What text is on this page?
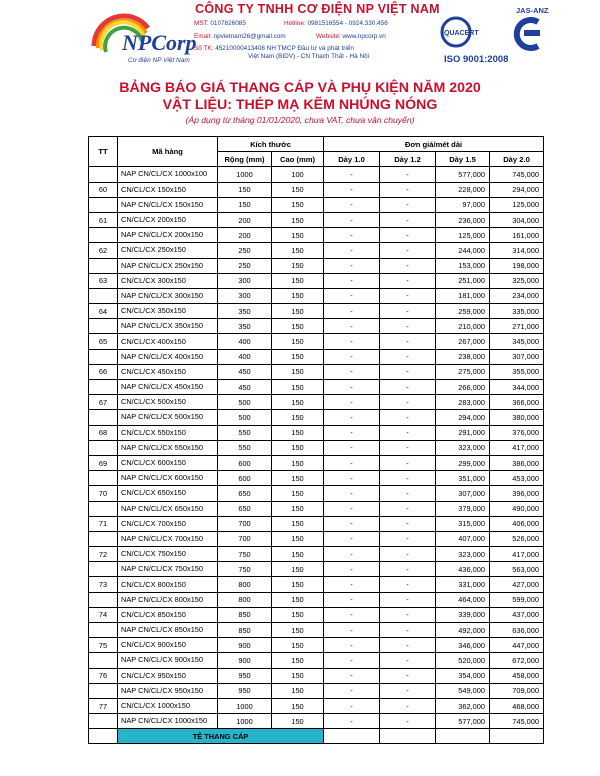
NPCorp
Cơ điện NP Việt Nam
CÔNG TY TNHH CƠ ĐIỆN NP VIỆT NAM
MST: 0107826085	Hotline: 0981516554 - 0924.330.456
Email: npvietnam26@gmail.com	Website: www.npcorp.vn
Số TK: 45210000413408 NH TMCP Đầu tư và phát triển
Việt Nam (BIDV) - CN Thạch Thất - Hà Nội
JAS-ANZ
QUACERT
ISO 9001:2008
BẢNG BÁO GIÁ THANG CÁP VÀ PHỤ KIỆN NĂM 2020
VẬT LIỆU: THÉP MẠ KẼM NHÚNG NÓNG
(Áp dụng từ tháng 01/01/2020, chưa VAT, chưa vận chuyển)
TT	Mã hàng	Kích thước		Đơn giá/mét dài			
		Rộng (mm)	Cao (mm)	Dày 1.0	Dày 1.2	Dày 1.5	Dày 2.0
	NAP CN/CL/CX 1000x100	1000	100	-	-	577,000	745,000
60	CN/CL/CX 150x150	150	150	-	-	228,000	294,000
	NAP CN/CL/CX 150x150	150	150	-	-	97,000	125,000
61	CN/CL/CX 200x150	200	150	-	-	236,000	304,000
	NAP CN/CL/CX 200x150	200	150	-	-	125,000	161,000
62	CN/CL/CX 250x150	250	150	-	-	244,000	314,000
	NAP CN/CL/CX 250x150	250	150	-	-	153,000	198,000
63	CN/CL/CX 300x150	300	150	-	-	251,000	325,000
	NAP CN/CL/CX 300x150	300	150	-	-	181,000	234,000
64	CN/CL/CX 350x150	350	150	-	-	259,000	335,000
	NAP CN/CL/CX 350x150	350	150	-	-	210,000	271,000
65	CN/CL/CX 400x150	400	150	-	-	267,000	345,000
	NAP CN/CL/CX 400x150	400	150	-	-	238,000	307,000
66	CN/CL/CX 450x150	450	150	-	-	275,000	355,000
	NAP CN/CL/CX 450x150	450	150	-	-	266,000	344,000
67	CN/CL/CX 500x150	500	150	-	-	283,000	366,000
	NAP CN/CL/CX 500x150	500	150	-	-	294,000	380,000
68	CN/CL/CX 550x150	550	150	-	-	291,000	376,000
	NAP CN/CL/CX 550x150	550	150	-	-	323,000	417,000
69	CN/CL/CX 600x150	600	150	-	-	299,000	386,000
	NAP CN/CL/CX 600x150	600	150	-	-	351,000	453,000
70	CN/CL/CX 650x150	650	150	-	-	307,000	396,000
	NAP CN/CL/CX 650x150	650	150	-	-	379,000	490,000
71	CN/CL/CX 700x150	700	150	-	-	315,000	406,000
	NAP CN/CL/CX 700x150	700	150	-	-	407,000	526,000
72	CN/CL/CX 750x150	750	150	-	-	323,000	417,000
	NAP CN/CL/CX 750x150	750	150	-	-	436,000	563,000
73	CN/CL/CX 800x150	800	150	-	-	331,000	427,000
	NAP CN/CL/CX 800x150	800	150	-	-	464,000	599,000
74	CN/CL/CX 850x150	850	150	-	-	339,000	437,000
	NAP CN/CL/CX 850x150	850	150	-	-	492,000	636,000
75	CN/CL/CX 900x150	900	150	-	-	346,000	447,000
	NAP CN/CL/CX 900x150	900	150	-	-	520,000	672,000
76	CN/CL/CX 950x150	950	150	-	-	354,000	458,000
	NAP CN/CL/CX 950x150	950	150	-	-	549,000	709,000
77	CN/CL/CX 1000x150	1000	150	-	-	362,000	468,000
	NAP CN/CL/CX 1000x150	1000	150	-	-	577,000	745,000
	TÊ THANG CÁP						
